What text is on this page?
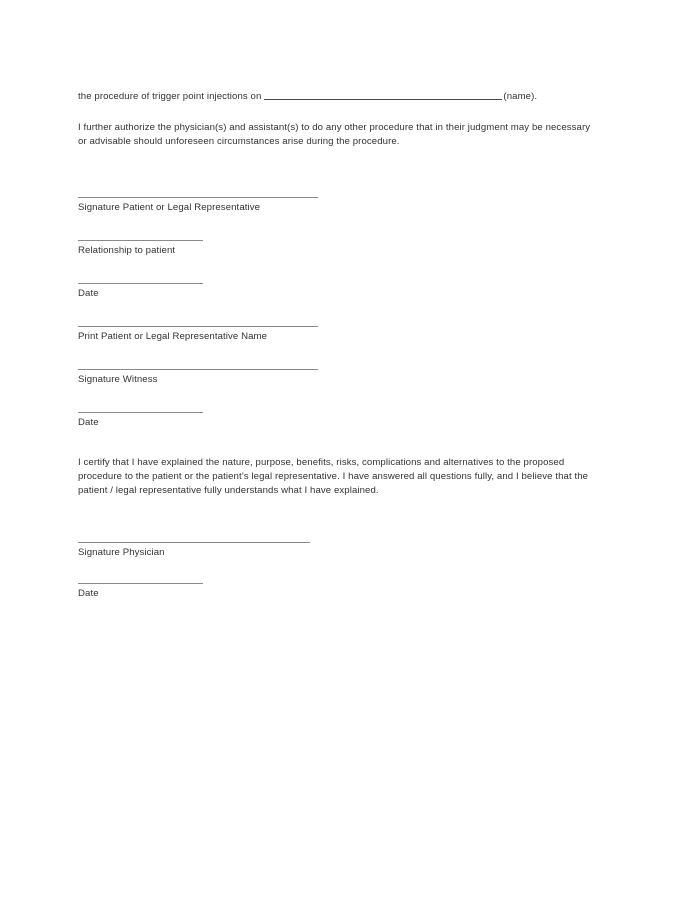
the procedure of trigger point injections on	(name).

I further authorize the physician(s) and assistant(s) to do any other procedure that in their judgment may be necessary or advisable should unforeseen circumstances arise during the procedure.

Signature Patient or Legal Representative
Relationship to patient
Date
Print Patient or Legal Representative Name
Signature Witness
Date

I certify that I have explained the nature, purpose, benefits, risks, complications and alternatives to the proposed procedure to the patient or the patient’s legal representative. I have answered all questions fully, and I believe that the patient / legal representative fully understands what I have explained.

Signature Physician
Date
